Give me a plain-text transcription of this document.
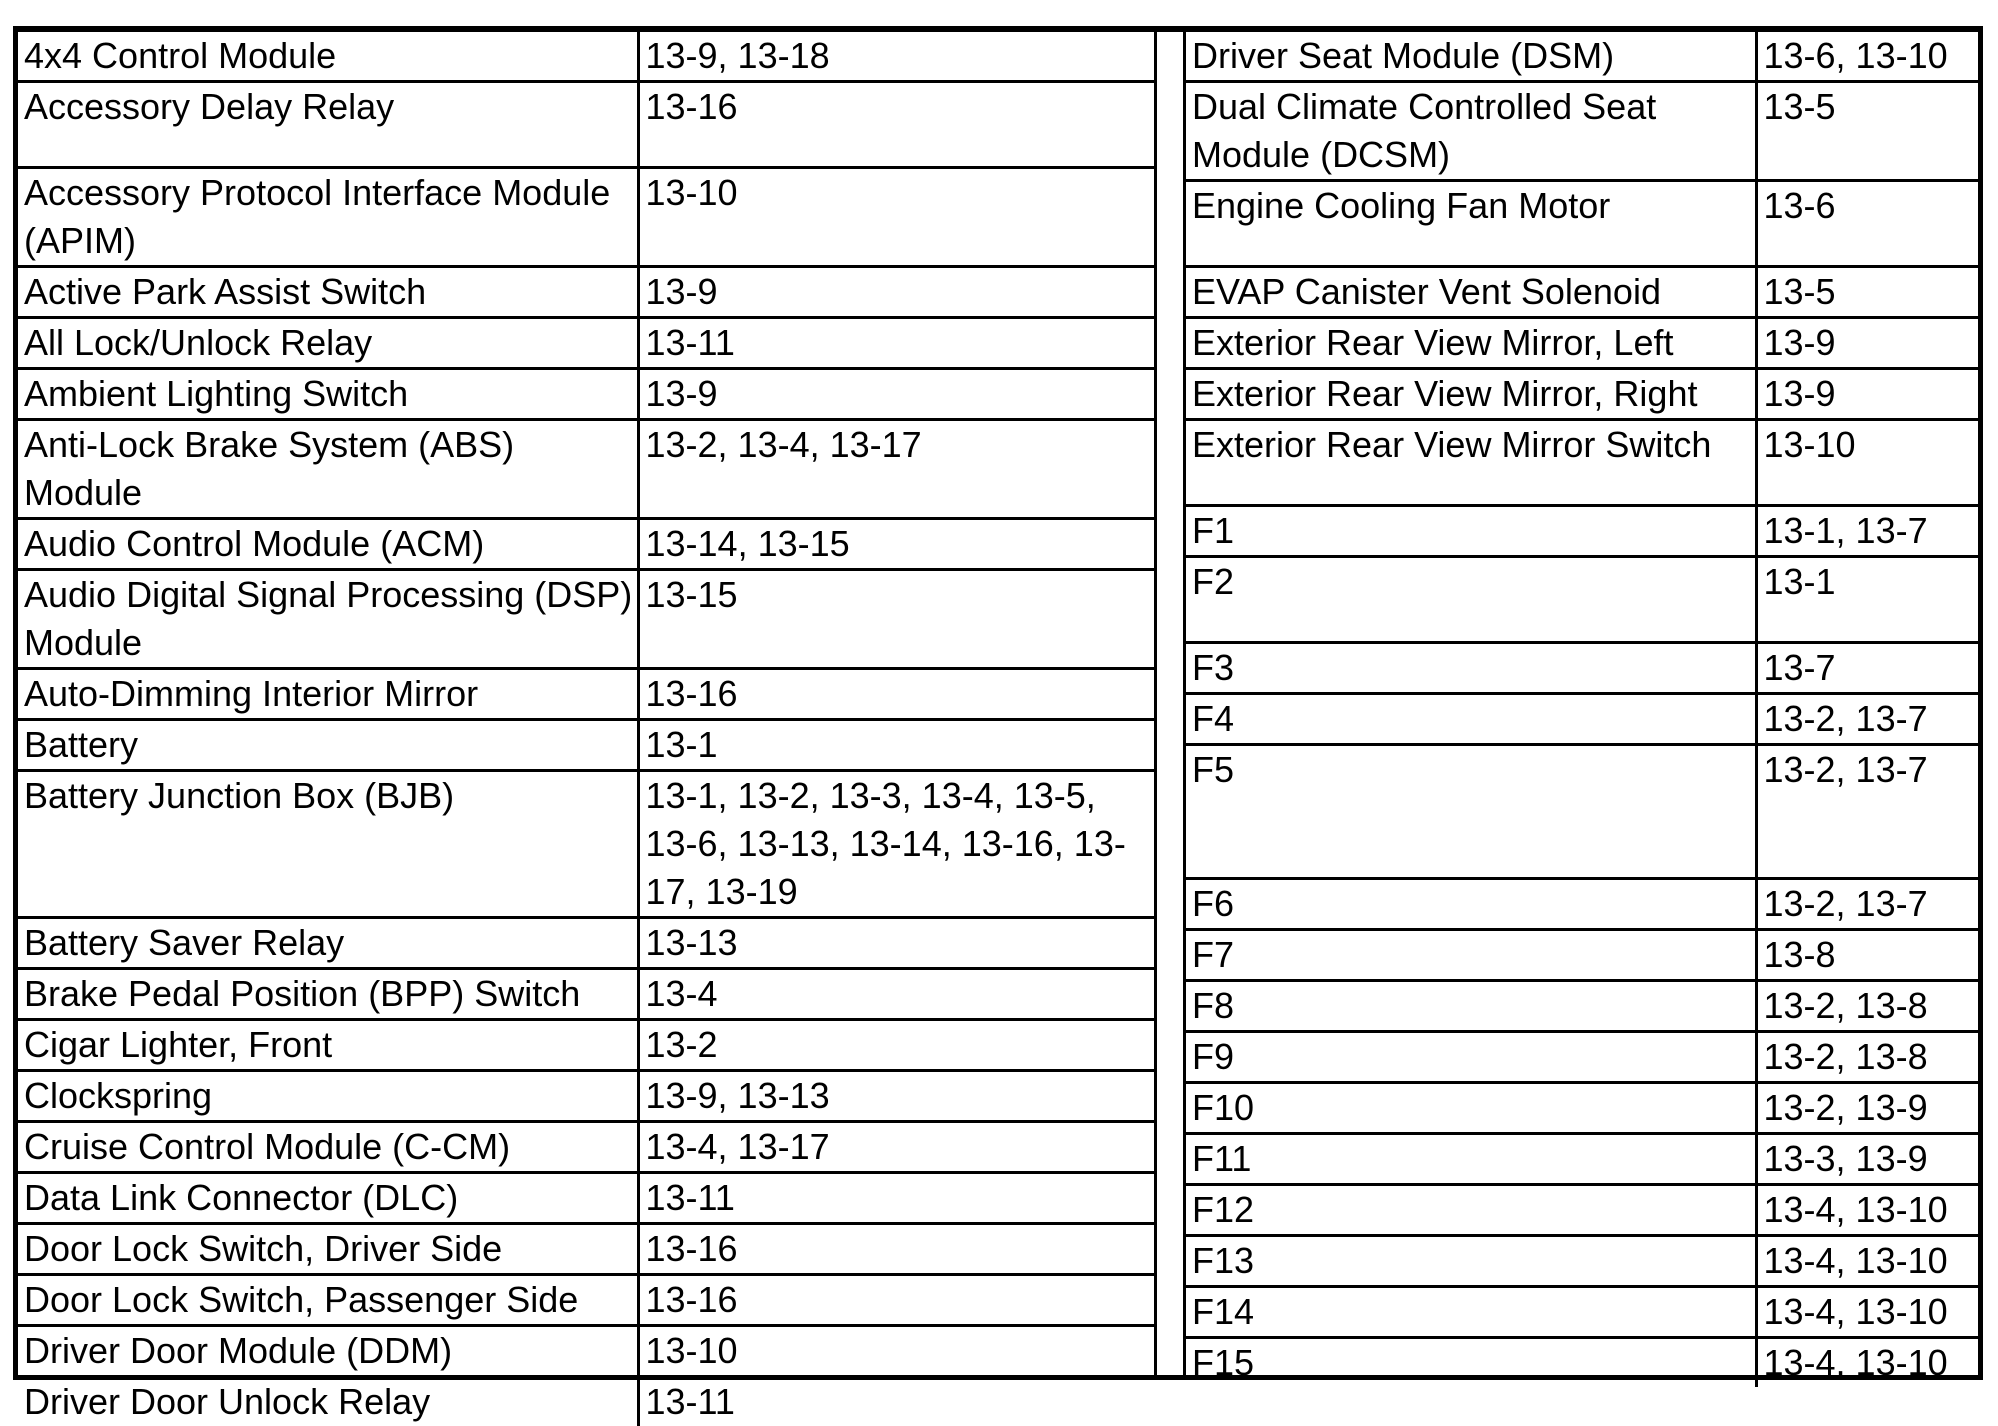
4x4 Control Module	13-9, 13-18
Accessory Delay Relay	13-16
Accessory Protocol Interface Module (APIM)	13-10
Active Park Assist Switch	13-9
All Lock/Unlock Relay	13-11
Ambient Lighting Switch	13-9
Anti-Lock Brake System (ABS) Module	13-2, 13-4, 13-17
Audio Control Module (ACM)	13-14, 13-15
Audio Digital Signal Processing (DSP) Module	13-15
Auto-Dimming Interior Mirror	13-16
Battery	13-1
Battery Junction Box (BJB)	13-1, 13-2, 13-3, 13-4, 13-5, 13-6, 13-13, 13-14, 13-16, 13-17, 13-19
Battery Saver Relay	13-13
Brake Pedal Position (BPP) Switch	13-4
Cigar Lighter, Front	13-2
Clockspring	13-9, 13-13
Cruise Control Module (C-CM)	13-4, 13-17
Data Link Connector (DLC)	13-11
Door Lock Switch, Driver Side	13-16
Door Lock Switch, Passenger Side	13-16
Driver Door Module (DDM)	13-10
Driver Door Unlock Relay	13-11
Driver Seat Module (DSM)	13-6, 13-10
Dual Climate Controlled Seat Module (DCSM)	13-5
Engine Cooling Fan Motor	13-6
EVAP Canister Vent Solenoid	13-5
Exterior Rear View Mirror, Left	13-9
Exterior Rear View Mirror, Right	13-9
Exterior Rear View Mirror Switch	13-10
F1	13-1, 13-7
F2	13-1
F3	13-7
F4	13-2, 13-7
F5	13-2, 13-7
F6	13-2, 13-7
F7	13-8
F8	13-2, 13-8
F9	13-2, 13-8
F10	13-2, 13-9
F11	13-3, 13-9
F12	13-4, 13-10
F13	13-4, 13-10
F14	13-4, 13-10
F15	13-4, 13-10
